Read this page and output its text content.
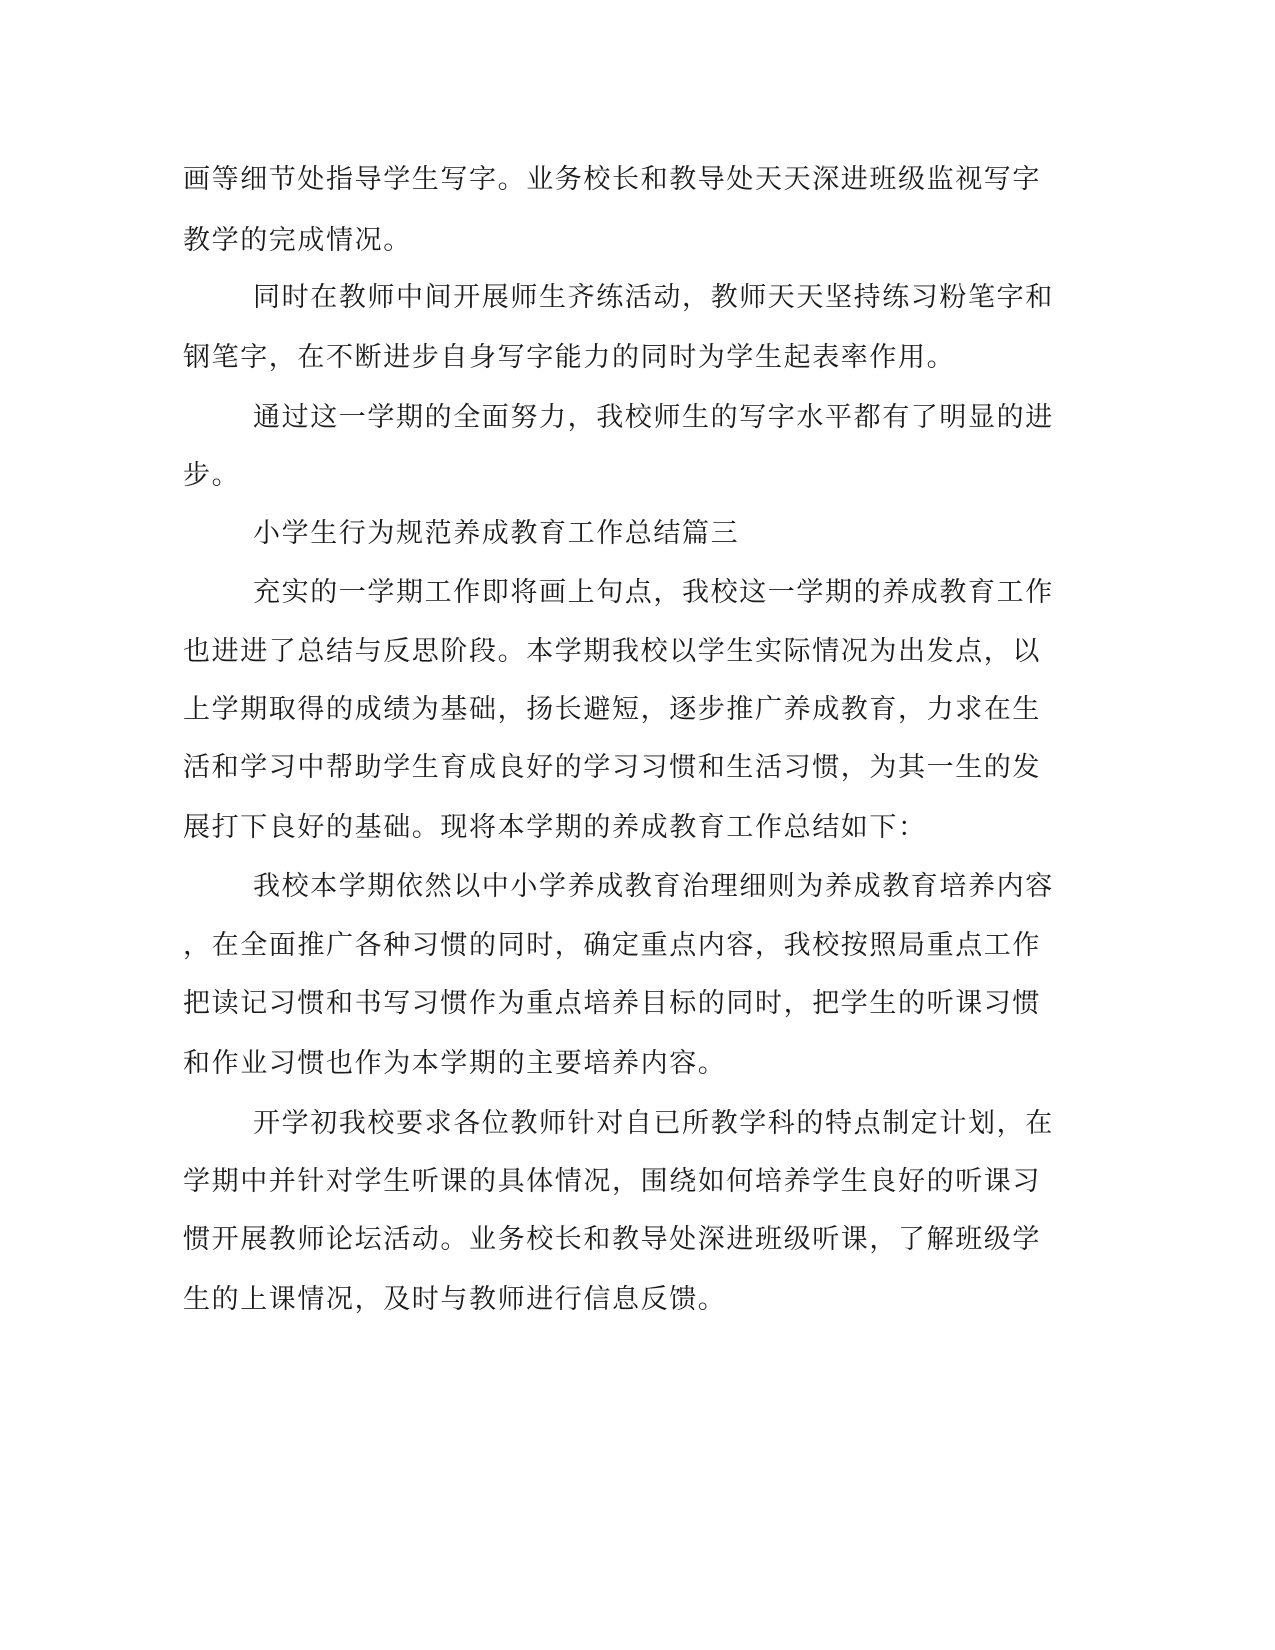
画等细节处指导学生写字。业务校长和教导处天天深进班级监视写字

教学的完成情况。

同时在教师中间开展师生齐练活动，教师天天坚持练习粉笔字和

钢笔字，在不断进步自身写字能力的同时为学生起表率作用。

通过这一学期的全面努力，我校师生的写字水平都有了明显的进

步。

小学生行为规范养成教育工作总结篇三

充实的一学期工作即将画上句点，我校这一学期的养成教育工作

也进进了总结与反思阶段。本学期我校以学生实际情况为出发点，以

上学期取得的成绩为基础，扬长避短，逐步推广养成教育，力求在生

活和学习中帮助学生育成良好的学习习惯和生活习惯，为其一生的发

展打下良好的基础。现将本学期的养成教育工作总结如下：

我校本学期依然以中小学养成教育治理细则为养成教育培养内容

，在全面推广各种习惯的同时，确定重点内容，我校按照局重点工作

把读记习惯和书写习惯作为重点培养目标的同时，把学生的听课习惯

和作业习惯也作为本学期的主要培养内容。

开学初我校要求各位教师针对自已所教学科的特点制定计划，在

学期中并针对学生听课的具体情况，围绕如何培养学生良好的听课习

惯开展教师论坛活动。业务校长和教导处深进班级听课，了解班级学

生的上课情况，及时与教师进行信息反馈。
